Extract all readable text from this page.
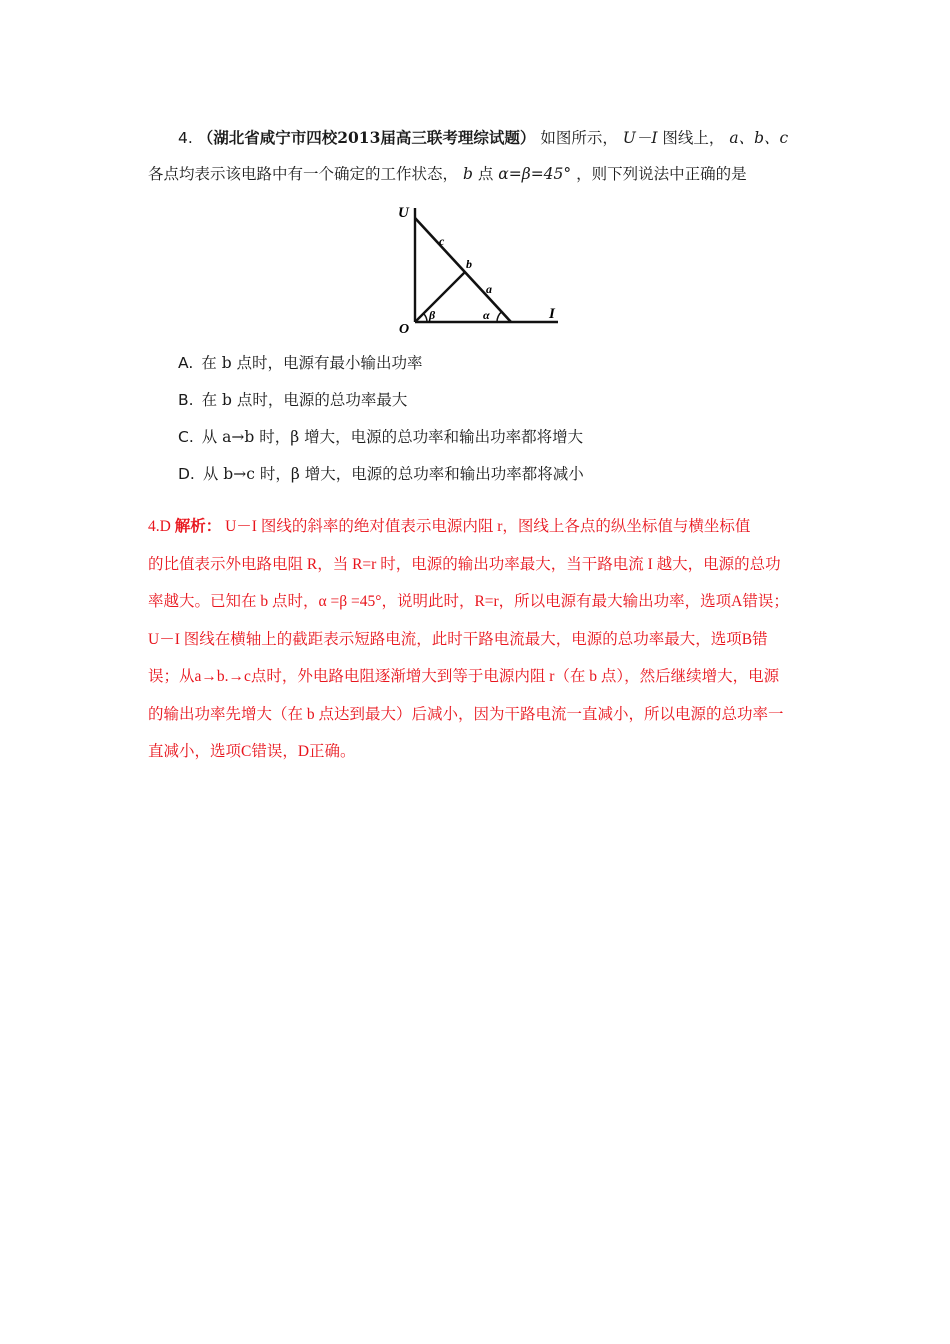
4. （湖北省咸宁市四校2013届高三联考理综试题） 如图所示， U－I 图线上， a、b、c
各点均表示该电路中有一个确定的工作状态， b 点 α=β=45° ，则下列说法中正确的是
U
I
O
c
b
a
β	α
A. 在 b 点时，电源有最小输出功率
B. 在 b 点时，电源的总功率最大
C. 从 a→b 时，β 增大，电源的总功率和输出功率都将增大
D. 从 b→c 时，β 增大，电源的总功率和输出功率都将减小
4.D 解析： U－I 图线的斜率的绝对值表示电源内阻 r，图线上各点的纵坐标值与横坐标值
的比值表示外电路电阻 R，当 R=r 时，电源的输出功率最大，当干路电流 I 越大，电源的总功
率越大。已知在 b 点时，α =β =45°，说明此时，R=r，所以电源有最大输出功率，选项A错误；
U－I 图线在横轴上的截距表示短路电流，此时干路电流最大，电源的总功率最大，选项B错
误；从a→b.→c点时，外电路电阻逐渐增大到等于电源内阻 r（在 b 点），然后继续增大，电源
的输出功率先增大（在 b 点达到最大）后减小，因为干路电流一直减小，所以电源的总功率一
直减小，选项C错误，D正确。
